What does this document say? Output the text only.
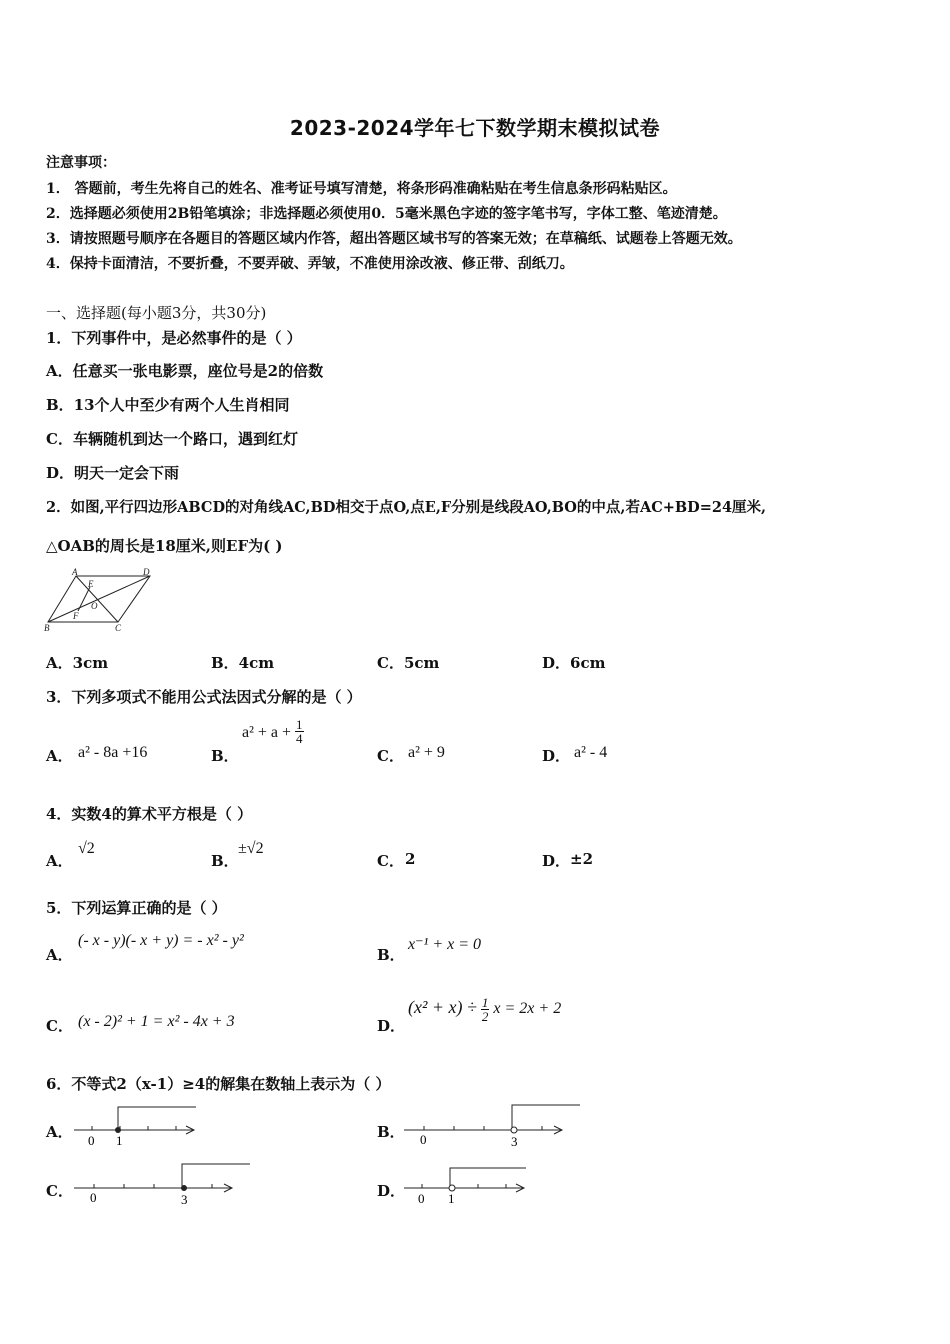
2023-2024学年七下数学期末模拟试卷
注意事项：
1． 答题前，考生先将自己的姓名、准考证号填写清楚，将条形码准确粘贴在考生信息条形码粘贴区。
2．选择题必须使用2B铅笔填涂；非选择题必须使用0．5毫米黑色字迹的签字笔书写，字体工整、笔迹清楚。
3．请按照题号顺序在各题目的答题区域内作答，超出答题区域书写的答案无效；在草稿纸、试题卷上答题无效。
4．保持卡面清洁，不要折叠，不要弄破、弄皱，不准使用涂改液、修正带、刮纸刀。
一、选择题(每小题3分，共30分)
1．下列事件中，是必然事件的是（ ）
A．任意买一张电影票，座位号是2的倍数
B．13个人中至少有两个人生肖相同
C．车辆随机到达一个路口，遇到红灯
D．明天一定会下雨
2．如图,平行四边形ABCD的对角线AC,BD相交于点O,点E,F分别是线段AO,BO的中点,若AC+BD=24厘米,
△OAB的周长是18厘米,则EF为( )
A	D
E
O
F
B	C
A．3cm	B．4cm	C．5cm	D．6cm
3．下列多项式不能用公式法因式分解的是（ ）
A． a² - 8a +16	B．
$a^2 + a + \frac{1}{4}$
C． a² + 9	D． a² - 4
4．实数4的算术平方根是（ ）
A．
√2
B．
±√2
C． 2	D． ±2
5．下列运算正确的是（ ）
A．
(- x - y)(- x + y) = - x² - y²
B．
x⁻¹ + x = 0
C． (x - 2)² + 1 = x² - 4x + 3	D．
$(x^2 + x) \div \frac{1}{2}$ x = 2x + 2
6．不等式2（x-1）≥4的解集在数轴上表示为（ ）
A． 0 1	B． 0	3
C． 0	3	D． 0 1
